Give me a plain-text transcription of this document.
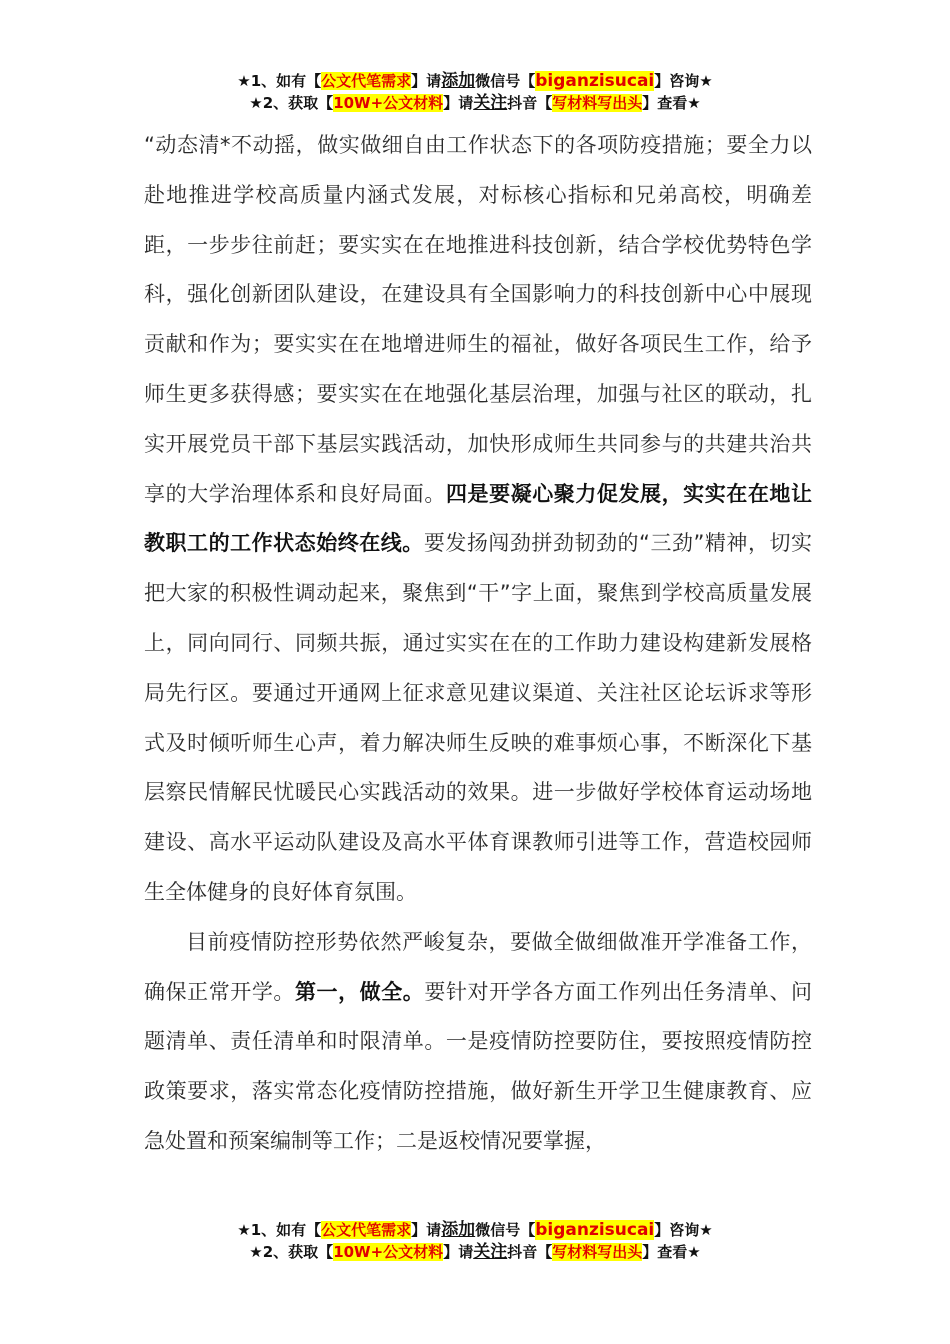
★1、如有【公文代笔需求】请添加微信号【biganzisucai】咨询★
★2、获取【10W+公文材料】请关注抖音【写材料写出头】查看★

“动态清*不动摇，做实做细自由工作状态下的各项防疫措施；要全力以赴地推进学校高质量内涵式发展，对标核心指标和兄弟高校，明确差距，一步步往前赶；要实实在在地推进科技创新，结合学校优势特色学科，强化创新团队建设，在建设具有全国影响力的科技创新中心中展现贡献和作为；要实实在在地增进师生的福祉，做好各项民生工作，给予师生更多获得感；要实实在在地强化基层治理，加强与社区的联动，扎实开展党员干部下基层实践活动，加快形成师生共同参与的共建共治共享的大学治理体系和良好局面。四是要凝心聚力促发展，实实在在地让教职工的工作状态始终在线。要发扬闯劲拼劲韧劲的“三劲”精神，切实把大家的积极性调动起来，聚焦到“干”字上面，聚焦到学校高质量发展上，同向同行、同频共振，通过实实在在的工作助力建设构建新发展格局先行区。要通过开通网上征求意见建议渠道、关注社区论坛诉求等形式及时倾听师生心声，着力解决师生反映的难事烦心事，不断深化下基层察民情解民忧暖民心实践活动的效果。进一步做好学校体育运动场地建设、高水平运动队建设及高水平体育课教师引进等工作，营造校园师生全体健身的良好体育氛围。

目前疫情防控形势依然严峻复杂，要做全做细做准开学准备工作，确保正常开学。第一，做全。要针对开学各方面工作列出任务清单、问题清单、责任清单和时限清单。一是疫情防控要防住，要按照疫情防控政策要求，落实常态化疫情防控措施，做好新生开学卫生健康教育、应急处置和预案编制等工作；二是返校情况要掌握，

★1、如有【公文代笔需求】请添加微信号【biganzisucai】咨询★
★2、获取【10W+公文材料】请关注抖音【写材料写出头】查看★
